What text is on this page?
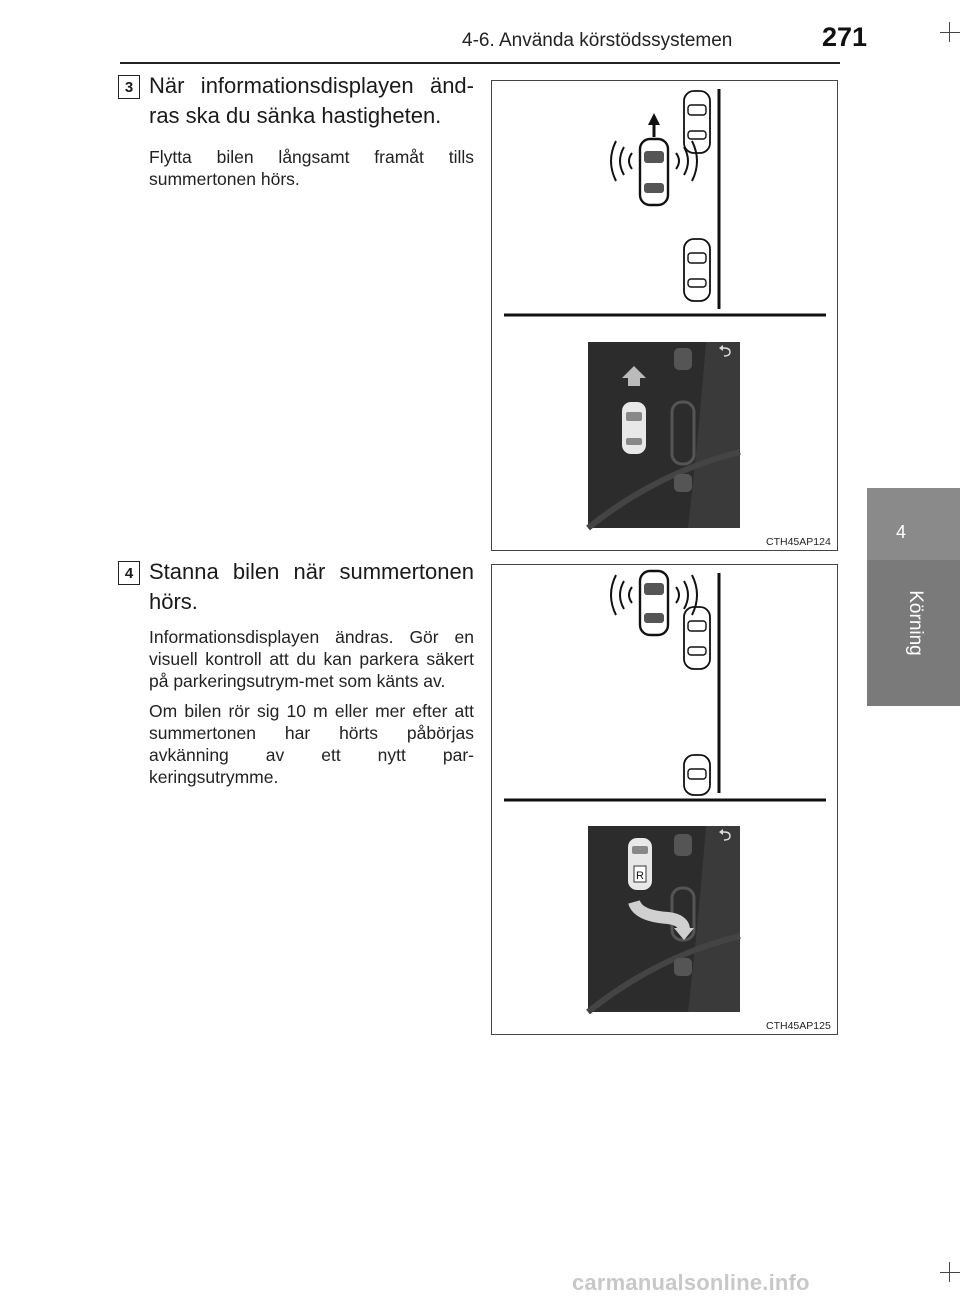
4-6. Använda körstödssystemen	271
4
Körning
3 När informationsdisplayen änd-ras ska du sänka hastigheten.

Flytta bilen långsamt framåt tills summertonen hörs.

CTH45AP124
4 Stanna bilen när summertonen hörs.

Informationsdisplayen ändras. Gör en visuell kontroll att du kan parkera säkert på parkeringsutrym-met som känts av.

Om bilen rör sig 10 m eller mer efter att summertonen har hörts påbörjas avkänning av ett nytt par-keringsutrymme.

R
CTH45AP125
carmanualsonline.info
